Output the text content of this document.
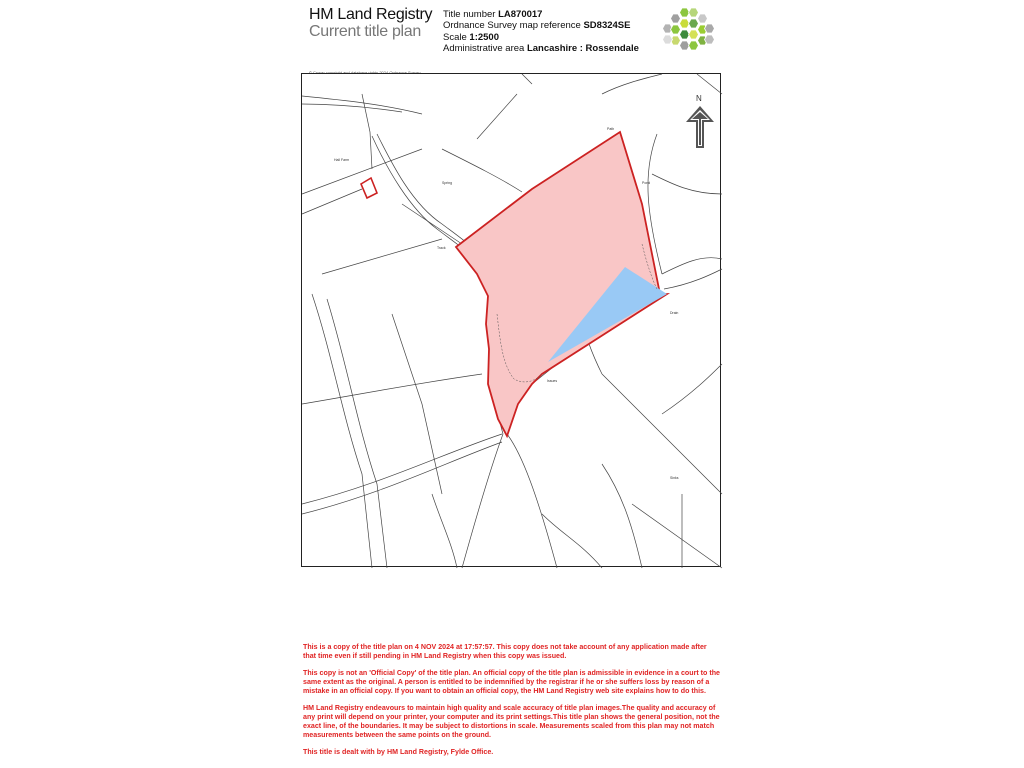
HM Land Registry
Current title plan
Title number LA870017
Ordnance Survey map reference SD8324SE
Scale 1:2500
Administrative area Lancashire : Rossendale
Hall Farm
Spring
Track
Path
Pond
Drain
Issues
Sinks
N

This is a copy of the title plan on 4 NOV 2024 at 17:57:57. This copy does not take account of any application made after that time even if still pending in HM Land Registry when this copy was issued.

This copy is not an 'Official Copy' of the title plan. An official copy of the title plan is admissible in evidence in a court to the same extent as the original. A person is entitled to be indemnified by the registrar if he or she suffers loss by reason of a mistake in an official copy. If you want to obtain an official copy, the HM Land Registry web site explains how to do this.

HM Land Registry endeavours to maintain high quality and scale accuracy of title plan images.The quality and accuracy of any print will depend on your printer, your computer and its print settings.This title plan shows the general position, not the exact line, of the boundaries. It may be subject to distortions in scale. Measurements scaled from this plan may not match measurements between the same points on the ground.

This title is dealt with by HM Land Registry, Fylde Office.
